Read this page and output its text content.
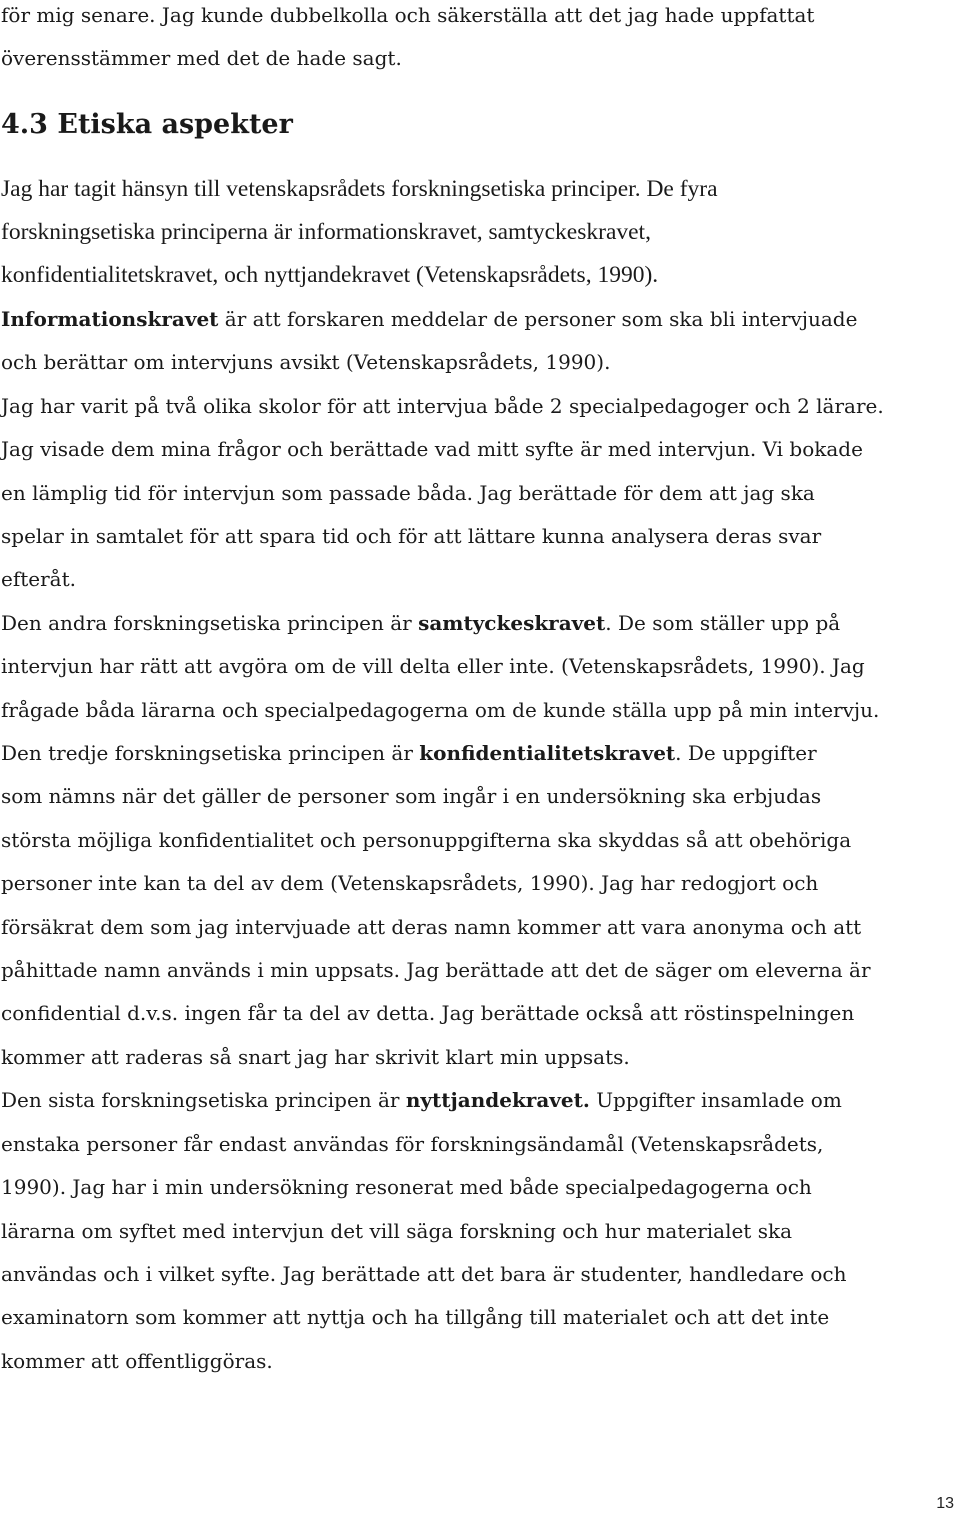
för mig senare. Jag kunde dubbelkolla och säkerställa att det jag hade uppfattat

överensstämmer med det de hade sagt.

4.3 Etiska aspekter

Jag har tagit hänsyn till vetenskapsrådets forskningsetiska principer. De fyra

forskningsetiska principerna är informationskravet, samtyckeskravet,

konfidentialitetskravet, och nyttjandekravet (Vetenskapsrådets, 1990).

Informationskravet är att forskaren meddelar de personer som ska bli intervjuade

och berättar om intervjuns avsikt (Vetenskapsrådets, 1990).

Jag har varit på två olika skolor för att intervjua både 2 specialpedagoger och 2 lärare.

Jag visade dem mina frågor och berättade vad mitt syfte är med intervjun. Vi bokade

en lämplig tid för intervjun som passade båda. Jag berättade för dem att jag ska

spelar in samtalet för att spara tid och för att lättare kunna analysera deras svar

efteråt.

Den andra forskningsetiska principen är samtyckeskravet. De som ställer upp på

intervjun har rätt att avgöra om de vill delta eller inte. (Vetenskapsrådets, 1990). Jag

frågade båda lärarna och specialpedagogerna om de kunde ställa upp på min intervju.

Den tredje forskningsetiska principen är konfidentialitetskravet. De uppgifter

som nämns när det gäller de personer som ingår i en undersökning ska erbjudas

största möjliga konfidentialitet och personuppgifterna ska skyddas så att obehöriga

personer inte kan ta del av dem (Vetenskapsrådets, 1990). Jag har redogjort och

försäkrat dem som jag intervjuade att deras namn kommer att vara anonyma och att

påhittade namn används i min uppsats. Jag berättade att det de säger om eleverna är

confidential d.v.s. ingen får ta del av detta. Jag berättade också att röstinspelningen

kommer att raderas så snart jag har skrivit klart min uppsats.

Den sista forskningsetiska principen är nyttjandekravet. Uppgifter insamlade om

enstaka personer får endast användas för forskningsändamål (Vetenskapsrådets,

1990). Jag har i min undersökning resonerat med både specialpedagogerna och

lärarna om syftet med intervjun det vill säga forskning och hur materialet ska

användas och i vilket syfte. Jag berättade att det bara är studenter, handledare och

examinatorn som kommer att nyttja och ha tillgång till materialet och att det inte

kommer att offentliggöras.

13
